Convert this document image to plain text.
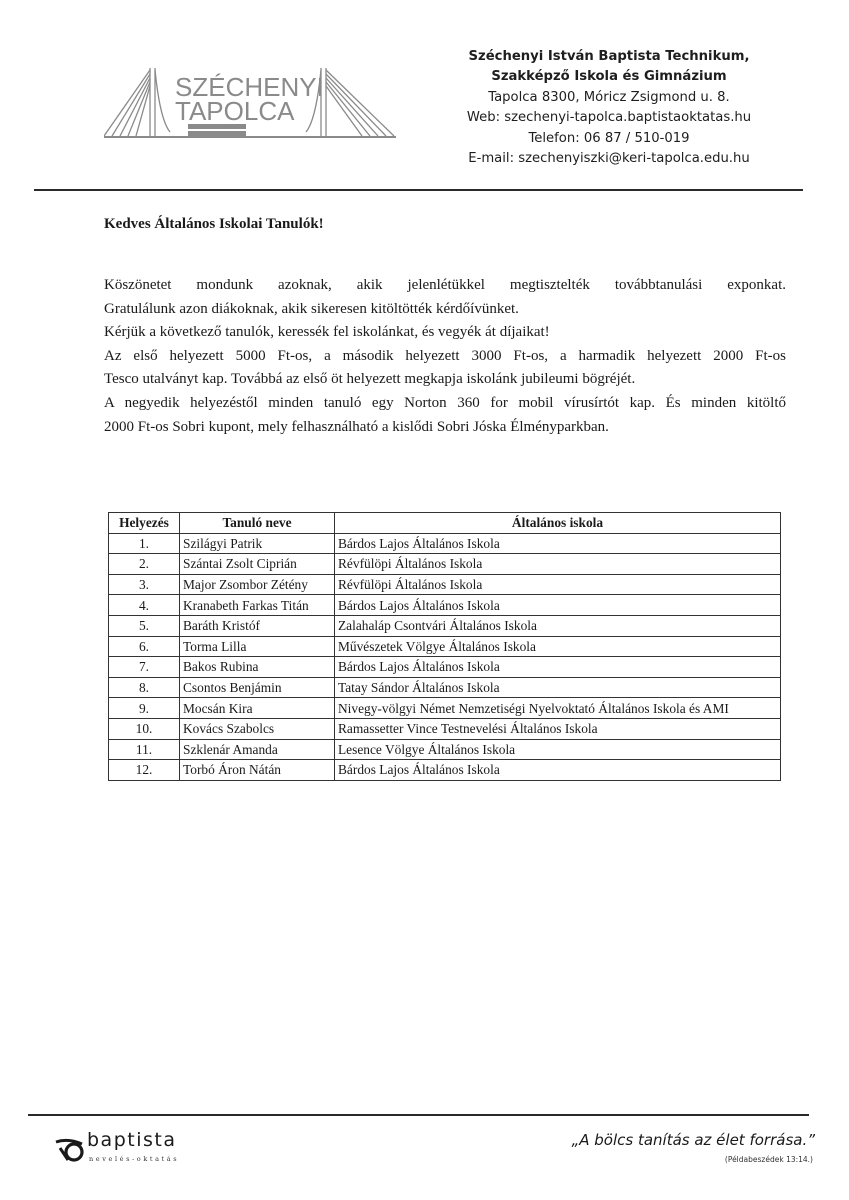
SZÉCHENYI
TAPOLCA
Széchenyi István Baptista Technikum,
Szakképző Iskola és Gimnázium
Tapolca 8300, Móricz Zsigmond u. 8.
Web: szechenyi-tapolca.baptistaoktatas.hu
Telefon: 06 87 / 510-019
E-mail: szechenyiszki@keri-tapolca.edu.hu
Kedves Általános Iskolai Tanulók!

Köszönetet mondunk azoknak, akik jelenlétükkel megtisztelték továbbtanulási exponkat.

Gratulálunk azon diákoknak, akik sikeresen kitöltötték kérdőívünket.

Kérjük a következő tanulók, keressék fel iskolánkat, és vegyék át díjaikat!

Az első helyezett 5000 Ft-os, a második helyezett 3000 Ft-os, a harmadik helyezett 2000 Ft-os

Tesco utalványt kap. Továbbá az első öt helyezett megkapja iskolánk jubileumi bögréjét.

A negyedik helyezéstől minden tanuló egy Norton 360 for mobil vírusírtót kap. És minden kitöltő

2000 Ft-os Sobri kupont, mely felhasználható a kislődi Sobri Jóska Élményparkban.

Helyezés	Tanuló neve	Általános iskola
1.	Szilágyi Patrik	Bárdos Lajos Általános Iskola
2.	Szántai Zsolt Ciprián	Révfülöpi Általános Iskola
3.	Major Zsombor Zétény	Révfülöpi Általános Iskola
4.	Kranabeth Farkas Titán	Bárdos Lajos Általános Iskola
5.	Baráth Kristóf	Zalahaláp Csontvári Általános Iskola
6.	Torma Lilla	Művészetek Völgye Általános Iskola
7.	Bakos Rubina	Bárdos Lajos Általános Iskola
8.	Csontos Benjámin	Tatay Sándor Általános Iskola
9.	Mocsán Kira	Nivegy-völgyi Német Nemzetiségi Nyelvoktató Általános Iskola és AMI
10.	Kovács Szabolcs	Ramassetter Vince Testnevelési Általános Iskola
11.	Szklenár Amanda	Lesence Völgye Általános Iskola
12.	Torbó Áron Nátán	Bárdos Lajos Általános Iskola
baptista
nevelés-oktatás
„A bölcs tanítás az élet forrása.”
(Példabeszédek 13:14.)
